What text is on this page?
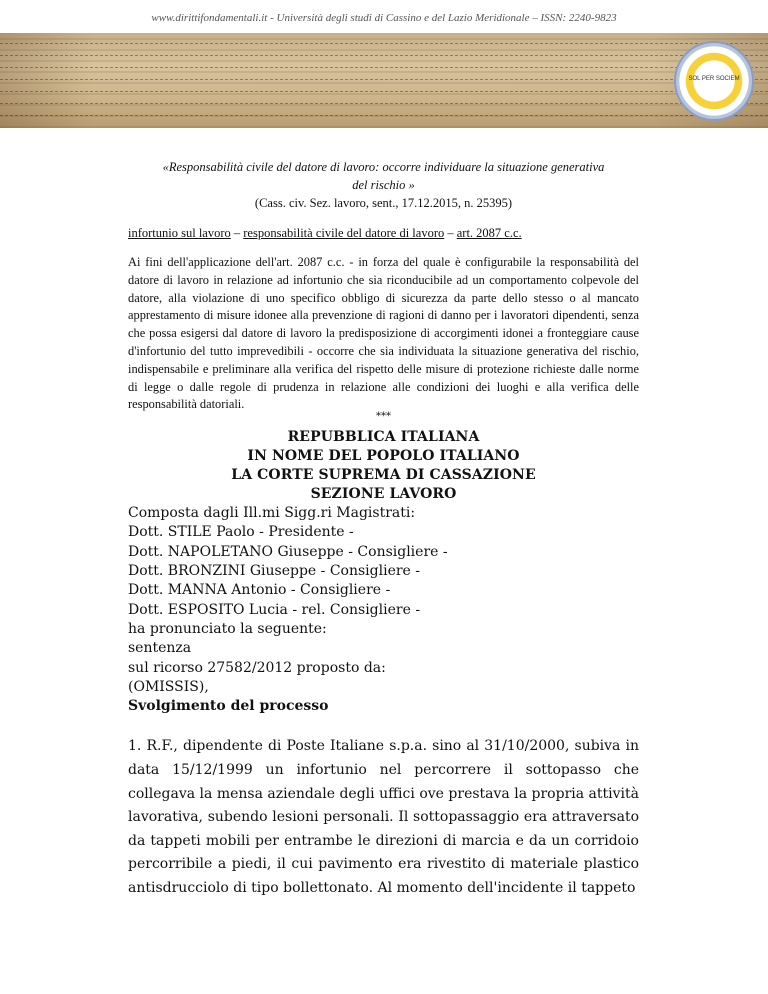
www.dirittifondamentali.it - Università degli studi di Cassino e del Lazio Meridionale – ISSN: 2240-9823
SOL PER SOCIEM
«Responsabilità civile del datore di lavoro: occorre individuare la situazione generativa
del rischio »
(Cass. civ. Sez. lavoro, sent., 17.12.2015, n. 25395)
infortunio sul lavoro – responsabilità civile del datore di lavoro – art. 2087 c.c.
Ai fini dell'applicazione dell'art. 2087 c.c. - in forza del quale è configurabile la responsabilità del datore di lavoro in relazione ad infortunio che sia riconducibile ad un comportamento colpevole del datore, alla violazione di uno specifico obbligo di sicurezza da parte dello stesso o al mancato apprestamento di misure idonee alla prevenzione di ragioni di danno per i lavoratori dipendenti, senza che possa esigersi dal datore di lavoro la predisposizione di accorgimenti idonei a fronteggiare cause d'infortunio del tutto imprevedibili - occorre che sia individuata la situazione generativa del rischio, indispensabile e preliminare alla verifica del rispetto delle misure di protezione richieste dalle norme di legge o dalle regole di prudenza in relazione alle condizioni dei luoghi e alla verifica delle responsabilità datoriali.
***
REPUBBLICA ITALIANA
IN NOME DEL POPOLO ITALIANO
LA CORTE SUPREMA DI CASSAZIONE
SEZIONE LAVORO
Composta dagli Ill.mi Sigg.ri Magistrati:
Dott. STILE Paolo - Presidente -
Dott. NAPOLETANO Giuseppe - Consigliere -
Dott. BRONZINI Giuseppe - Consigliere -
Dott. MANNA Antonio - Consigliere -
Dott. ESPOSITO Lucia - rel. Consigliere -
ha pronunciato la seguente:
sentenza
sul ricorso 27582/2012 proposto da:
(OMISSIS),
Svolgimento del processo
1. R.F., dipendente di Poste Italiane s.p.a. sino al 31/10/2000, subiva in data 15/12/1999 un infortunio nel percorrere il sottopasso che collegava la mensa aziendale degli uffici ove prestava la propria attività lavorativa, subendo lesioni personali. Il sottopassaggio era attraversato da tappeti mobili per entrambe le direzioni di marcia e da un corridoio percorribile a piedi, il cui pavimento era rivestito di materiale plastico antisdrucciolo di tipo bollettonato. Al momento dell'incidente il tappeto
